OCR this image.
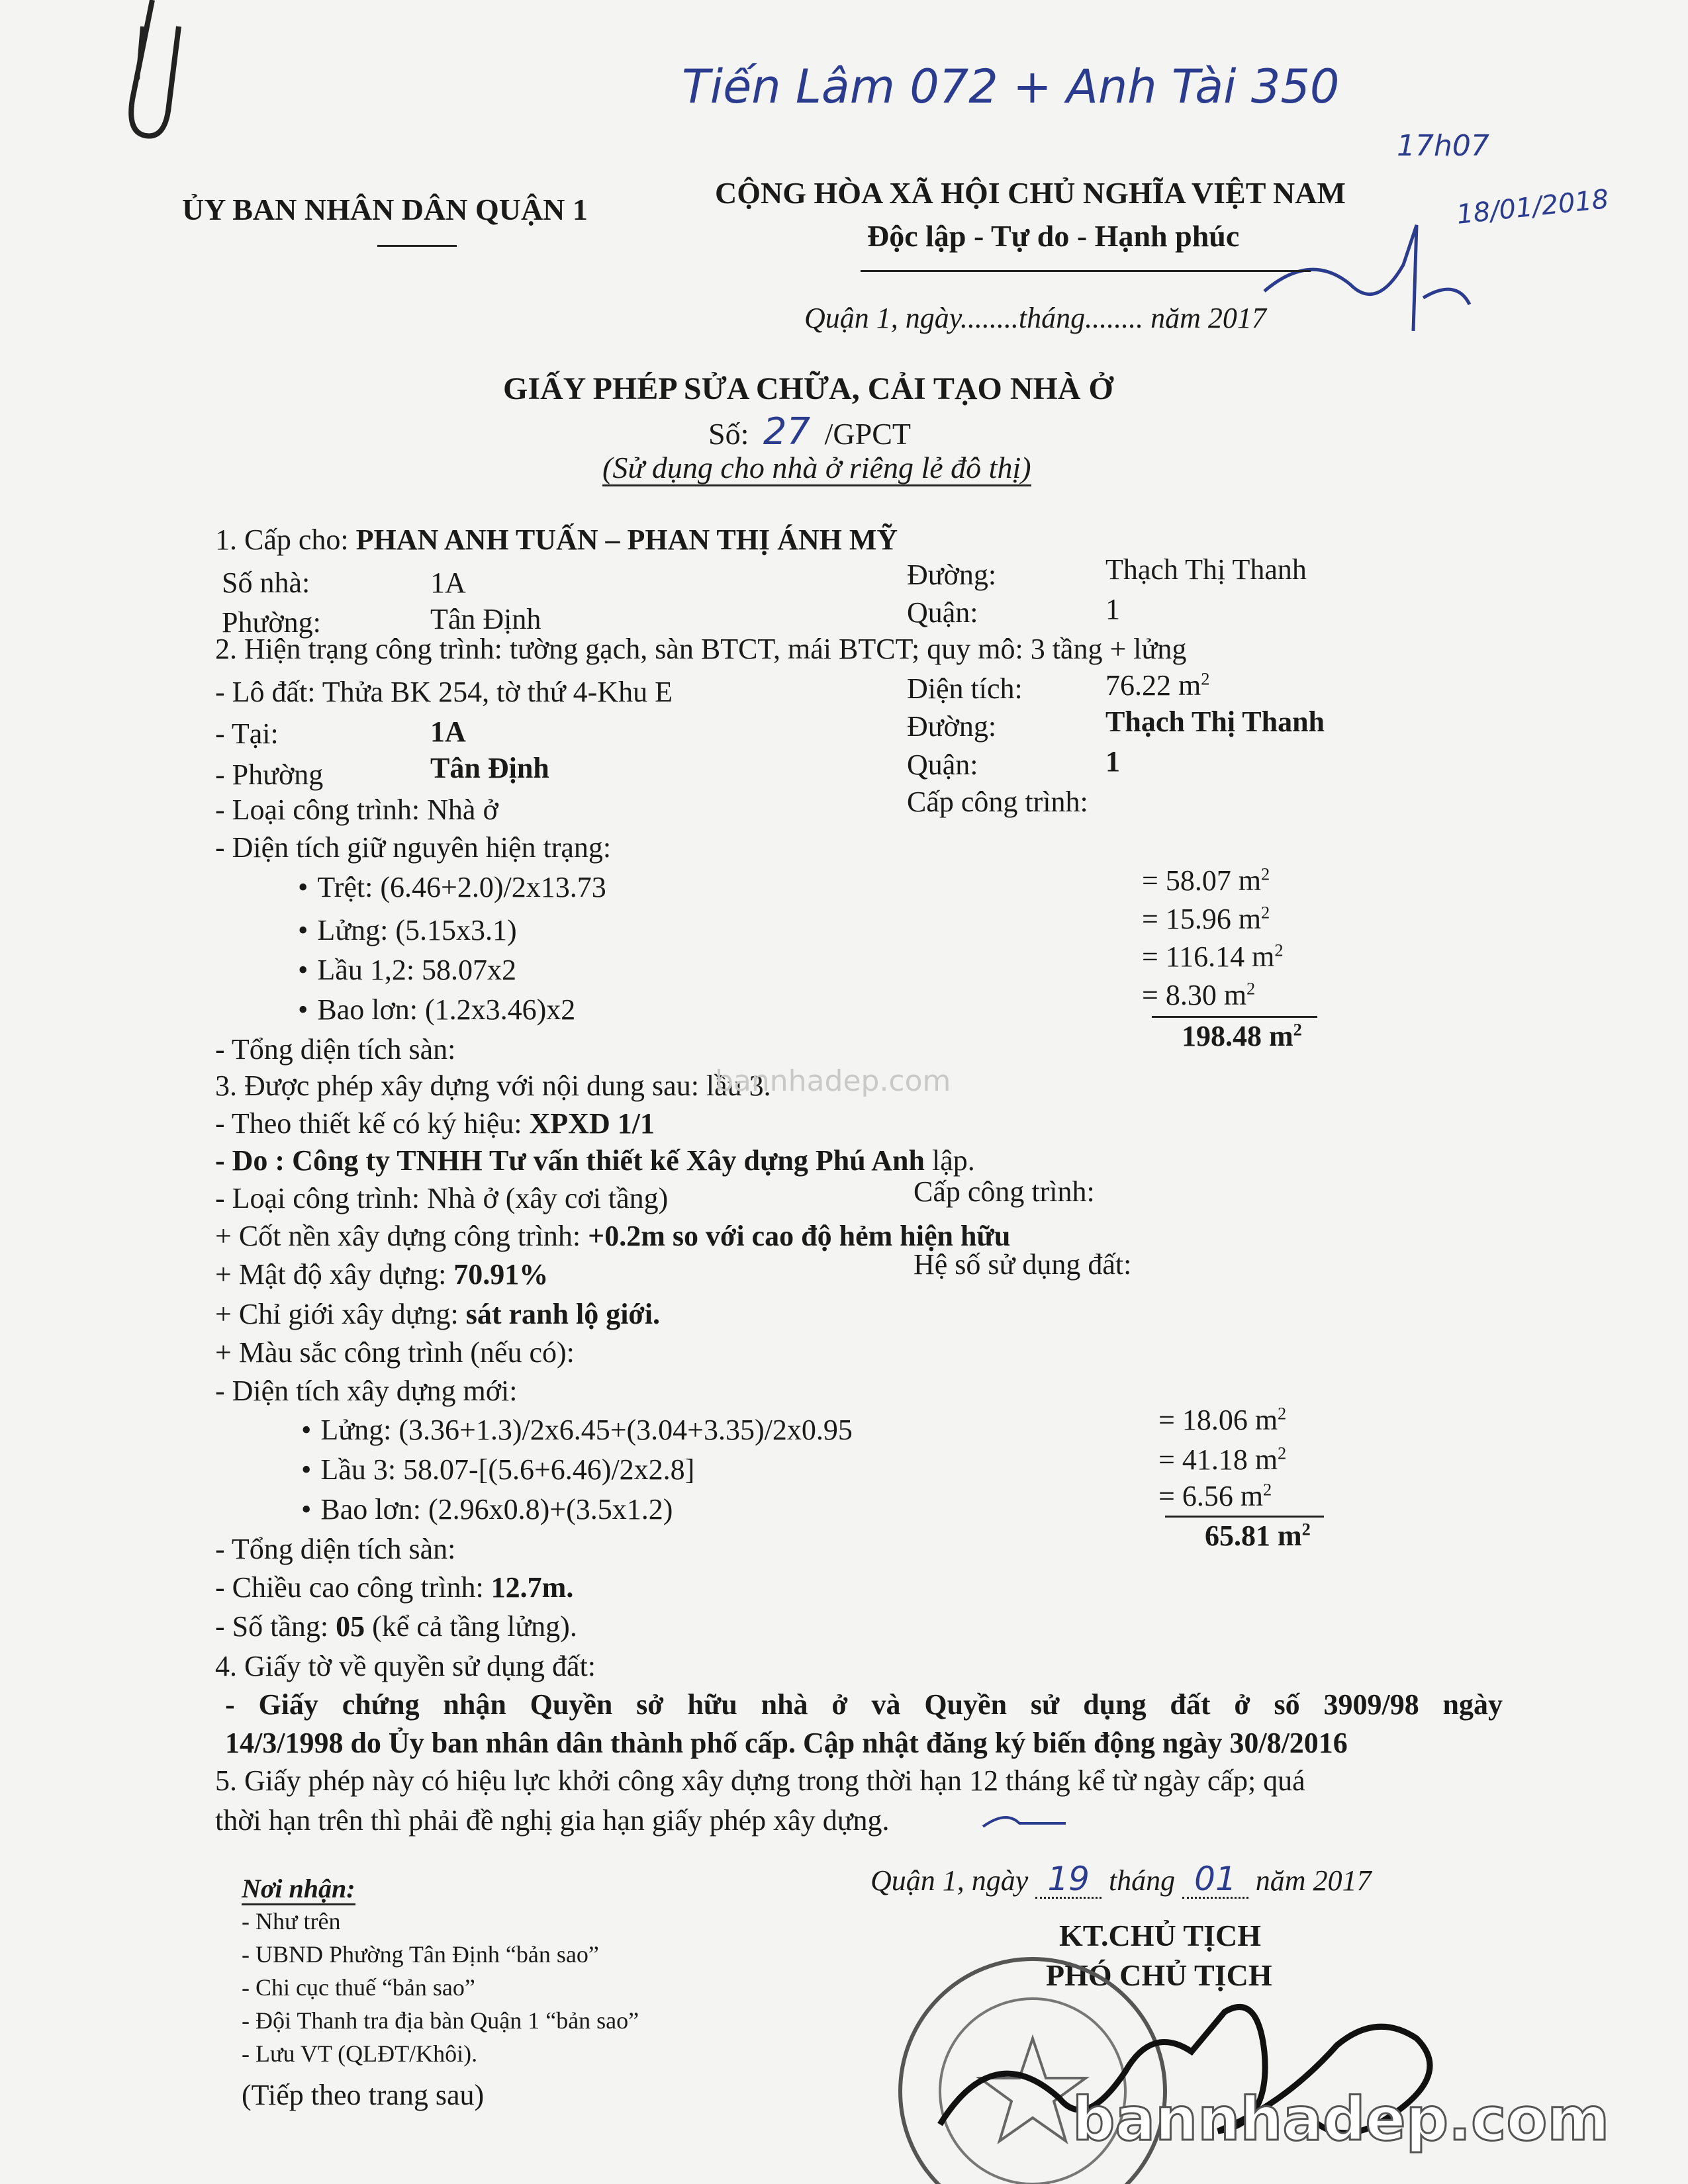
Tiến Lâm 072 + Anh Tài 350
17h07
18/01/2018
ỦY BAN NHÂN DÂN QUẬN 1	CỘNG HÒA XÃ HỘI CHỦ NGHĨA VIỆT NAM
Độc lập - Tự do - Hạnh phúc
Quận 1, ngày........tháng........ năm 2017
GIẤY PHÉP SỬA CHỮA, CẢI TẠO NHÀ Ở
Số: 27 /GPCT
(Sử dụng cho nhà ở riêng lẻ đô thị)
1. Cấp cho: PHAN ANH TUẤN – PHAN THỊ ÁNH MỸ
Số nhà:	1A	Đường:	Thạch Thị Thanh
Phường:	Tân Định	Quận:	1
2. Hiện trạng công trình: tường gạch, sàn BTCT, mái BTCT; quy mô: 3 tầng + lửng
- Lô đất: Thửa BK 254, tờ thứ 4-Khu E	Diện tích:	76.22 $m^2$
- Tại:	1A	Đường:	Thạch Thị Thanh
- Phường	Tân Định	Quận:	1
- Loại công trình: Nhà ở	Cấp công trình:
- Diện tích giữ nguyên hiện trạng:
• Trệt: (6.46+2.0)/2x13.73	= 58.07 $m^2$
• Lửng: (5.15x3.1)	= 15.96 $m^2$
• Lầu 1,2: 58.07x2	= 116.14 $m^2$
• Bao lơn: (1.2x3.46)x2	= 8.30 $m^2$
- Tổng diện tích sàn:	198.48 $m^2$
3. Được phép xây dựng với nội dung sau: lầu 3.
bannhadep.com
- Theo thiết kế có ký hiệu: XPXD 1/1
- Do : Công ty TNHH Tư vấn thiết kế Xây dựng Phú Anh lập.
- Loại công trình: Nhà ở (xây cơi tầng)	Cấp công trình:
+ Cốt nền xây dựng công trình: +0.2m so với cao độ hẻm hiện hữu
+ Mật độ xây dựng: 70.91%	Hệ số sử dụng đất:
+ Chỉ giới xây dựng: sát ranh lộ giới.
+ Màu sắc công trình (nếu có):
- Diện tích xây dựng mới:
• Lửng: (3.36+1.3)/2x6.45+(3.04+3.35)/2x0.95	= 18.06 $m^2$
• Lầu 3: 58.07-[(5.6+6.46)/2x2.8]	= 41.18 $m^2$
• Bao lơn: (2.96x0.8)+(3.5x1.2)	= 6.56 $m^2$
- Tổng diện tích sàn:	65.81 $m^2$
- Chiều cao công trình: 12.7m.
- Số tầng: 05 (kể cả tầng lửng).
4. Giấy tờ về quyền sử dụng đất:
- Giấy chứng nhận Quyền sở hữu nhà ở và Quyền sử dụng đất ở số 3909/98 ngày
14/3/1998 do Ủy ban nhân dân thành phố cấp. Cập nhật đăng ký biến động ngày 30/8/2016
5. Giấy phép này có hiệu lực khởi công xây dựng trong thời hạn 12 tháng kể từ ngày cấp; quá
thời hạn trên thì phải đề nghị gia hạn giấy phép xây dựng.
Quận 1, ngày 19 tháng 01 năm 2017
KT.CHỦ TỊCH
PHÓ CHỦ TỊCH
Nơi nhận:
- Như trên
- UBND Phường Tân Định “bản sao”
- Chi cục thuế “bản sao”
- Đội Thanh tra địa bàn Quận 1 “bản sao”
- Lưu VT (QLĐT/Khôi).
(Tiếp theo trang sau)	bannhadep.com
